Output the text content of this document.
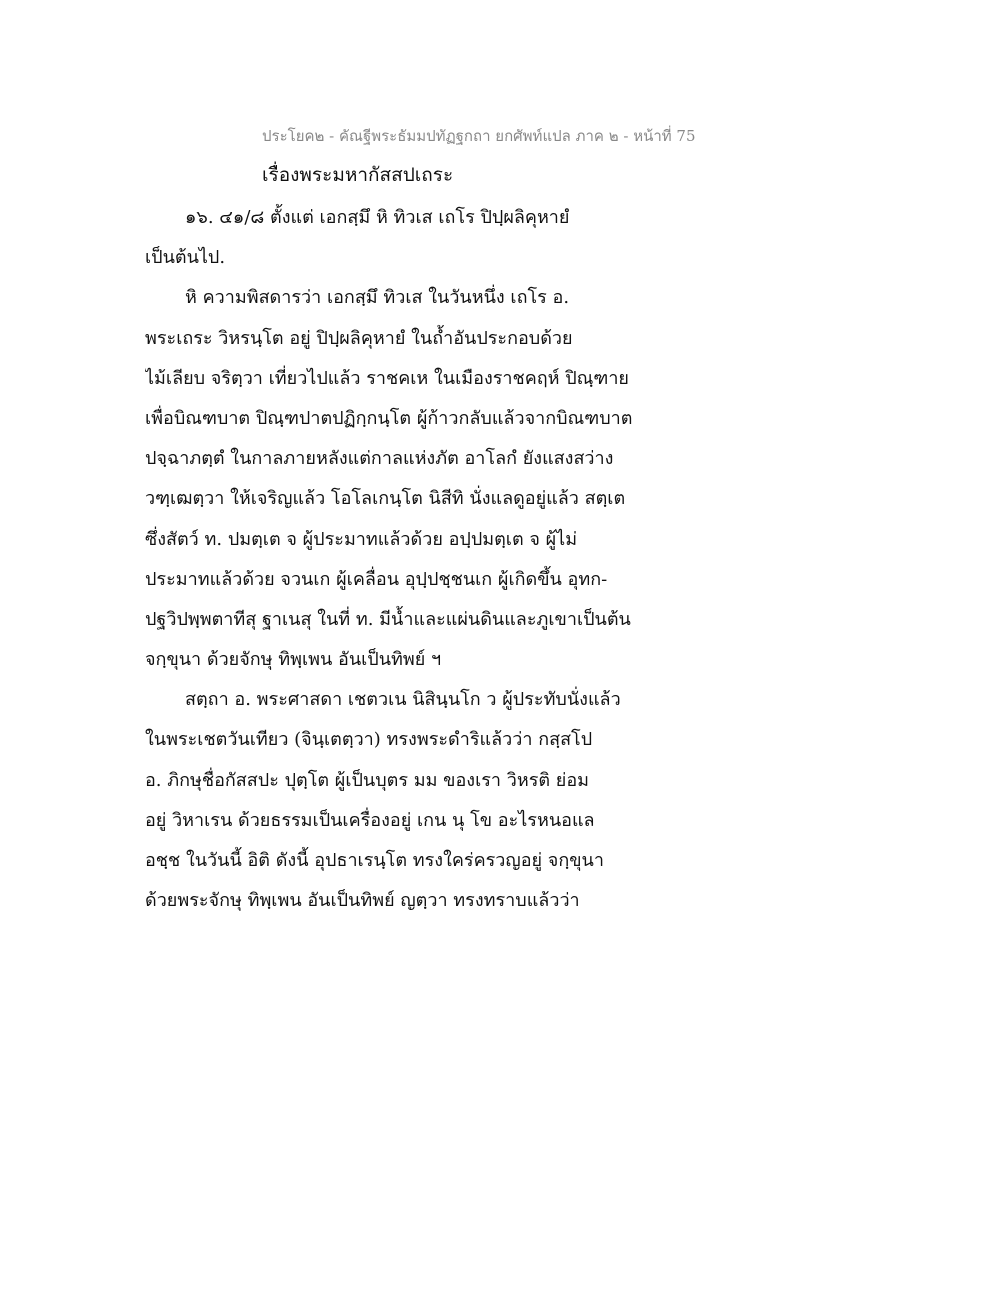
ประโยค๒ - คัณฐีพระธัมมปทัฏฐกถา ยกศัพท์แปล ภาค ๒ - หน้าที่ 75
เรื่องพระมหากัสสปเถระ
๑๖. ๔๑/๘ ตั้งแต่ เอกสฺมึ หิ ทิวเส เถโร ปิปฺผลิคุหายํ
เป็นต้นไป.
หิ ความพิสดารว่า เอกสฺมึ ทิวเส ในวันหนึ่ง เถโร อ.
พระเถระ วิหรนฺโต อยู่ ปิปฺผลิคุหายํ ในถ้ำอันประกอบด้วย
ไม้เลียบ จริตฺวา เที่ยวไปแล้ว ราชคเห ในเมืองราชคฤห์ ปิณฺฑาย
เพื่อบิณฑบาต ปิณฺฑปาตปฏิกฺกนฺโต ผู้ก้าวกลับแล้วจากบิณฑบาต
ปจฺฉาภตฺตํ ในกาลภายหลังแต่กาลแห่งภัต อาโลกํ ยังแสงสว่าง
วฑฺเฒตฺวา ให้เจริญแล้ว โอโลเกนฺโต นิสีทิ นั่งแลดูอยู่แล้ว สตฺเต
ซึ่งสัตว์ ท. ปมตฺเต จ ผู้ประมาทแล้วด้วย อปฺปมตฺเต จ ผู้ไม่
ประมาทแล้วด้วย จวนเก ผู้เคลื่อน อุปฺปชฺชนเก ผู้เกิดขึ้น อุทก-
ปฐวิปพฺพตาทีสุ ฐาเนสุ ในที่ ท. มีน้ำและแผ่นดินและภูเขาเป็นต้น
จกฺขุนา ด้วยจักษุ ทิพฺเพน อันเป็นทิพย์ ฯ
สตฺถา อ. พระศาสดา เชตวเน นิสินฺนโก ว ผู้ประทับนั่งแล้ว
ในพระเชตวันเทียว (จินฺเตตฺวา) ทรงพระดำริแล้วว่า กสฺสโป
อ. ภิกษุชื่อกัสสปะ ปุตฺโต ผู้เป็นบุตร มม ของเรา วิหรติ ย่อม
อยู่ วิหาเรน ด้วยธรรมเป็นเครื่องอยู่ เกน นุ โข อะไรหนอแล
อชฺช ในวันนี้ อิติ ดังนี้ อุปธาเรนฺโต ทรงใคร่ครวญอยู่ จกฺขุนา
ด้วยพระจักษุ ทิพฺเพน อันเป็นทิพย์ ญตฺวา ทรงทราบแล้วว่า
